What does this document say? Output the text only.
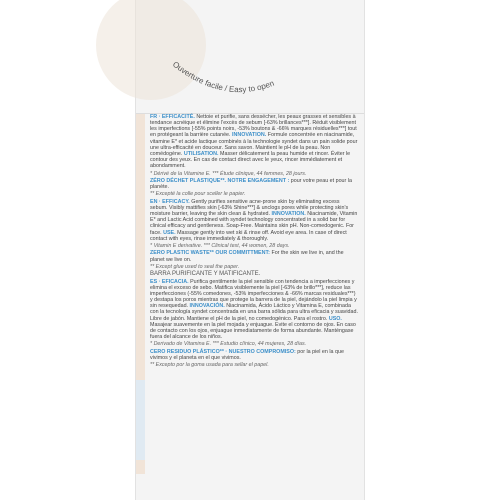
Ouverture facile / Easy to open

FR · EFFICACITÉ. Nettoie et purifie, sans dessécher, les peaux grasses et sensibles à tendance acnéique et élimine l'excès de sebum [-63% brillances***]. Réduit visiblement les imperfections [-55% points noirs, -53% boutons & -66% marques résiduelles***] tout en protégeant la barrière cutanée. INNOVATION. Formule concentrée en niacinamide, vitamine E* et acide lactique combinés à la technologie syndet dans un pain solide pour une ultra-efficacité en douceur. Sans savon. Maintient le pH de la peau. Non comédogène. UTILISATION. Masser délicatement la peau humide et rincer. Éviter le contour des yeux. En cas de contact direct avec le yeux, rincer immédiatement et abondamment.

* Dérivé de la Vitamine E. *** Étude clinique, 44 femmes, 28 jours.

ZÉRO DÉCHET PLASTIQUE**. NOTRE ENGAGEMENT : pour votre peau et pour la planète.

** Excepté la colle pour sceller le papier.

EN · EFFICACY. Gently purifies sensitive acne-prone skin by eliminating excess sebum. Visibly mattifies skin [-63% Shine***] & unclogs pores while protecting skin's moisture barrier, leaving the skin clean & hydrated. INNOVATION. Niacinamide, Vitamin E* and Lactic Acid combined with syndet technology concentrated in a solid bar for clinical efficacy and gentleness. Soap-Free. Maintains skin pH. Non-comedogenic. For face. USE. Massage gently into wet ski & rinse off. Avoid eye area. In case of direct contact with eyes, rinse immediately & thoroughly.

* Vitamin E derivative. *** Clinical test, 44 women, 28 days.

ZERO PLASTIC WASTE** OUR COMMITTMENT: For the skin we live in, and the planet we live on.

** Except glue used to seal the paper.

BARRA PURIFICANTE Y MATIFICANTE.

ES · EFICACIA. Purifica gentilmente la piel sensible con tendencia a imperfecciones y elimina el exceso de sebo. Matifica visiblemente la piel [-63% de brillo***], reduce las imperfecciones (-55% comedones, -53% imperfecciones & -66% marcas residuales***) y destapa los poros mientras que protege la barrera de la piel, dejándolo la piel limpia y sin resequedad. INNOVACIÓN. Niacinamida, Ácido Láctico y Vitamina E, combinada con la tecnología syndet concentrada en una barra sólida para ultra eficacia y suavidad. Libre de jabón. Mantiene el pH de la piel, no comedogénico. Para el rostro. USO. Masajear suavemente en la piel mojada y enjuague. Evite el contorno de ojos. En caso de contacto con los ojos, enjuague inmediatamente de forma abundante. Manténgase fuera del alcance de los niños.

* Derivado de Vitamina E. *** Estudio clínico, 44 mujeres, 28 días.

CERO RESIDUO PLÁSTICO** · NUESTRO COMPROMISO: por la piel en la que vivimos y el planeta en el que vivimos.

** Excepto por la goma usada para sellar el papel.
